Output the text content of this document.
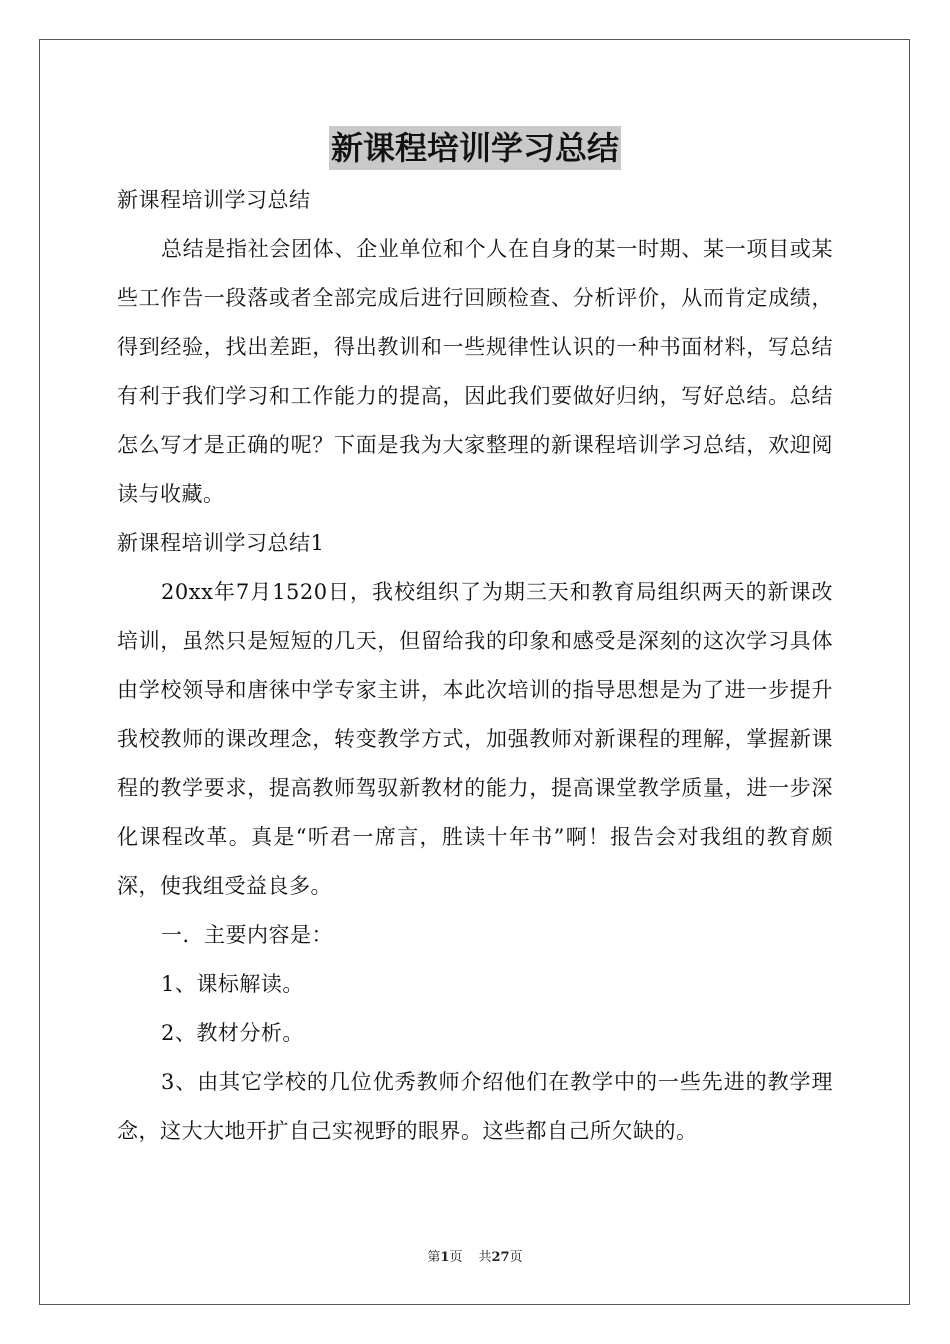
新课程培训学习总结

新课程培训学习总结

总结是指社会团体、企业单位和个人在自身的某一时期、某一项目或某些工作告一段落或者全部完成后进行回顾检查、分析评价，从而肯定成绩，得到经验，找出差距，得出教训和一些规律性认识的一种书面材料，写总结有利于我们学习和工作能力的提高，因此我们要做好归纳，写好总结。总结怎么写才是正确的呢？下面是我为大家整理的新课程培训学习总结，欢迎阅读与收藏。

新课程培训学习总结1

20xx年7月1520日，我校组织了为期三天和教育局组织两天的新课改培训，虽然只是短短的几天，但留给我的印象和感受是深刻的这次学习具体由学校领导和唐徕中学专家主讲，本此次培训的指导思想是为了进一步提升我校教师的课改理念，转变教学方式，加强教师对新课程的理解，掌握新课程的教学要求，提高教师驾驭新教材的能力，提高课堂教学质量，进一步深化课程改革。真是“听君一席言，胜读十年书”啊！报告会对我组的教育颇深，使我组受益良多。

一．主要内容是：

1、课标解读。

2、教材分析。

3、由其它学校的几位优秀教师介绍他们在教学中的一些先进的教学理念，这大大地开扩自己实视野的眼界。这些都自己所欠缺的。

第1页 共27页
